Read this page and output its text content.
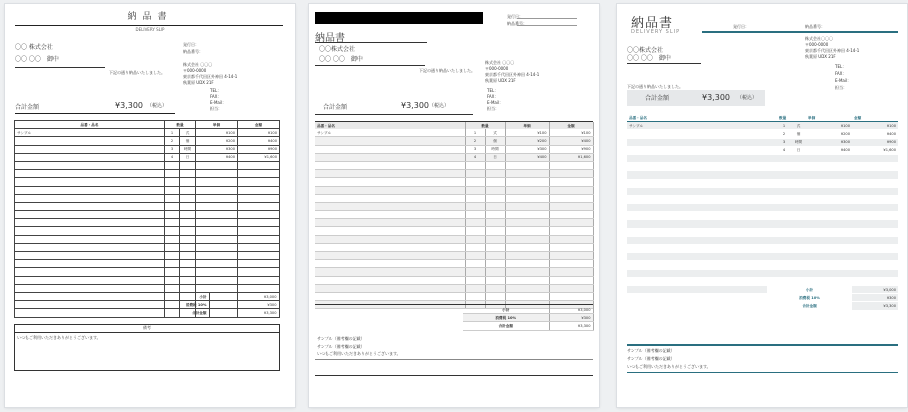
納品書
DELIVERY SLIP
発行日：
納品番号：
〇〇 株式会社
〇〇 〇〇　御中
下記の通り納品いたしました。
株式会社 〇〇〇
〒000-0000
東京都千代田区外神田 4-14-1
秋葉原 UDX 21F
TEL：
FAX：
E-Mail：
担当：
合計金額	¥3,300 （税込）
品番・品名	数量		単価	金額
サンプル	1	式	¥100	¥100
	2	個	¥200	¥400
	3	時間	¥300	¥900
	4	日	¥400	¥1,600

小計	¥3,000
消費税 10%	¥300
合計金額	¥3,300
備考
いつもご利用いただきありがとうございます。
発行日：
納品番号：
納品書
〇〇株式会社
〇〇 〇〇　御中
下記の通り納品いたしました。
株式会社 〇〇〇
〒000-0000
東京都千代田区外神田 4-14-1
秋葉原 UDX 21F
TEL：
FAX：
E-Mail：
担当：
合計金額	¥3,300 （税込）
品番・品名	数量		単価	金額
サンプル	1	式	¥100	¥100
	2	個	¥200	¥400
	3	時間	¥300	¥900
	4	日	¥400	¥1,600

小計	¥3,000
消費税 10%	¥300
合計金額	¥3,300
サンプル（備考欄の記載）
サンプル（備考欄の記載）
いつもご利用いただきありがとうございます。
納品書
DELIVERY SLIP
発行日：	納品番号：
〇〇株式会社
〇〇 〇〇　御中
株式会社〇〇〇
〒000-0000
東京都千代田区外神田 4-14-1
秋葉原 UDX 21F
TEL：
FAX：
E-Mail：
担当：
下記の通り納品いたしました。
合計金額	¥3,300 （税込）
品番・品名	数量		単価	金額
サンプル	1	式	¥100	¥100
	2	個	¥200	¥400
	3	時間	¥300	¥900
	4	日	¥400	¥1,600

小計	¥3,000
消費税 10%	¥300
合計金額	¥3,300
サンプル（備考欄の記載）
サンプル（備考欄の記載）
いつもご利用いただきありがとうございます。
